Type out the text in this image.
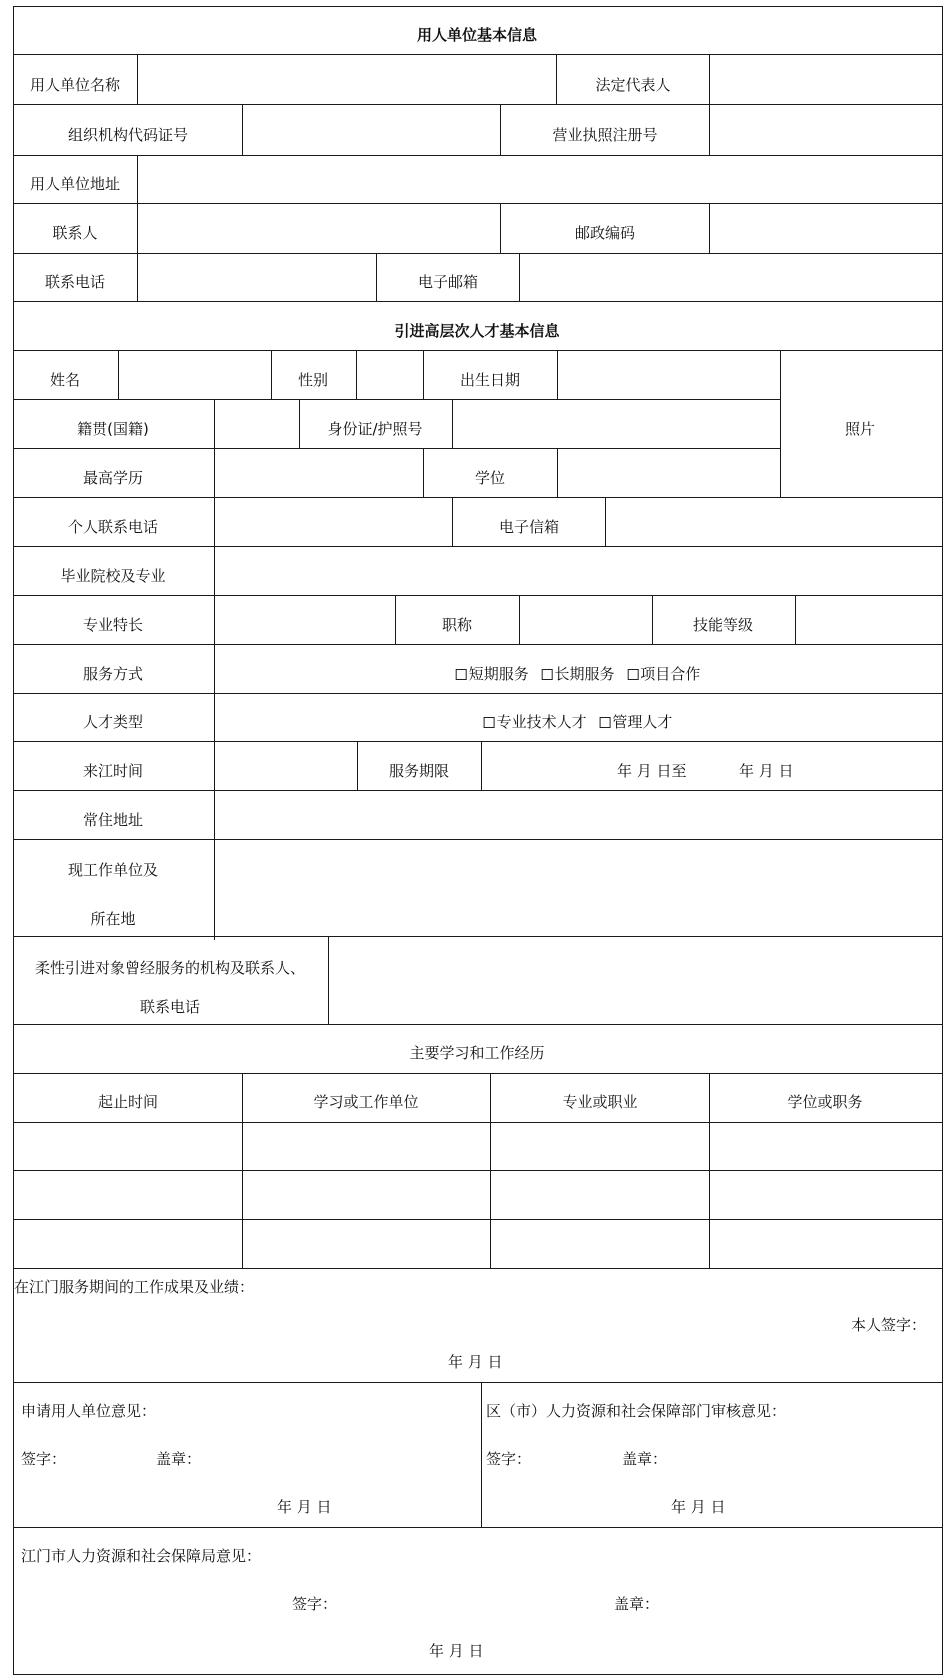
用人单位基本信息
用人单位名称	法定代表人
组织机构代码证号	营业执照注册号
用人单位地址
联系人	邮政编码
联系电话	电子邮箱
引进高层次人才基本信息
姓名	性别	出生日期
照片
籍贯(国籍)	身份证/护照号
最高学历	学位
个人联系电话	电子信箱
毕业院校及专业
专业特长	职称	技能等级
服务方式	短期服务 长期服务 项目合作
人才类型	专业技术人才 管理人才
来江时间	服务期限	年 月 日至	年 月 日
常住地址
现工作单位及
所在地
柔性引进对象曾经服务的机构及联系人、
联系电话
主要学习和工作经历
起止时间	学习或工作单位	专业或职业	学位或职务
在江门服务期间的工作成果及业绩：
本人签字：
年 月 日
申请用人单位意见：
签字：	盖章：
年 月 日
区（市）人力资源和社会保障部门审核意见：
签字：	盖章：
年 月 日
江门市人力资源和社会保障局意见：
签字：	盖章：
年 月 日
